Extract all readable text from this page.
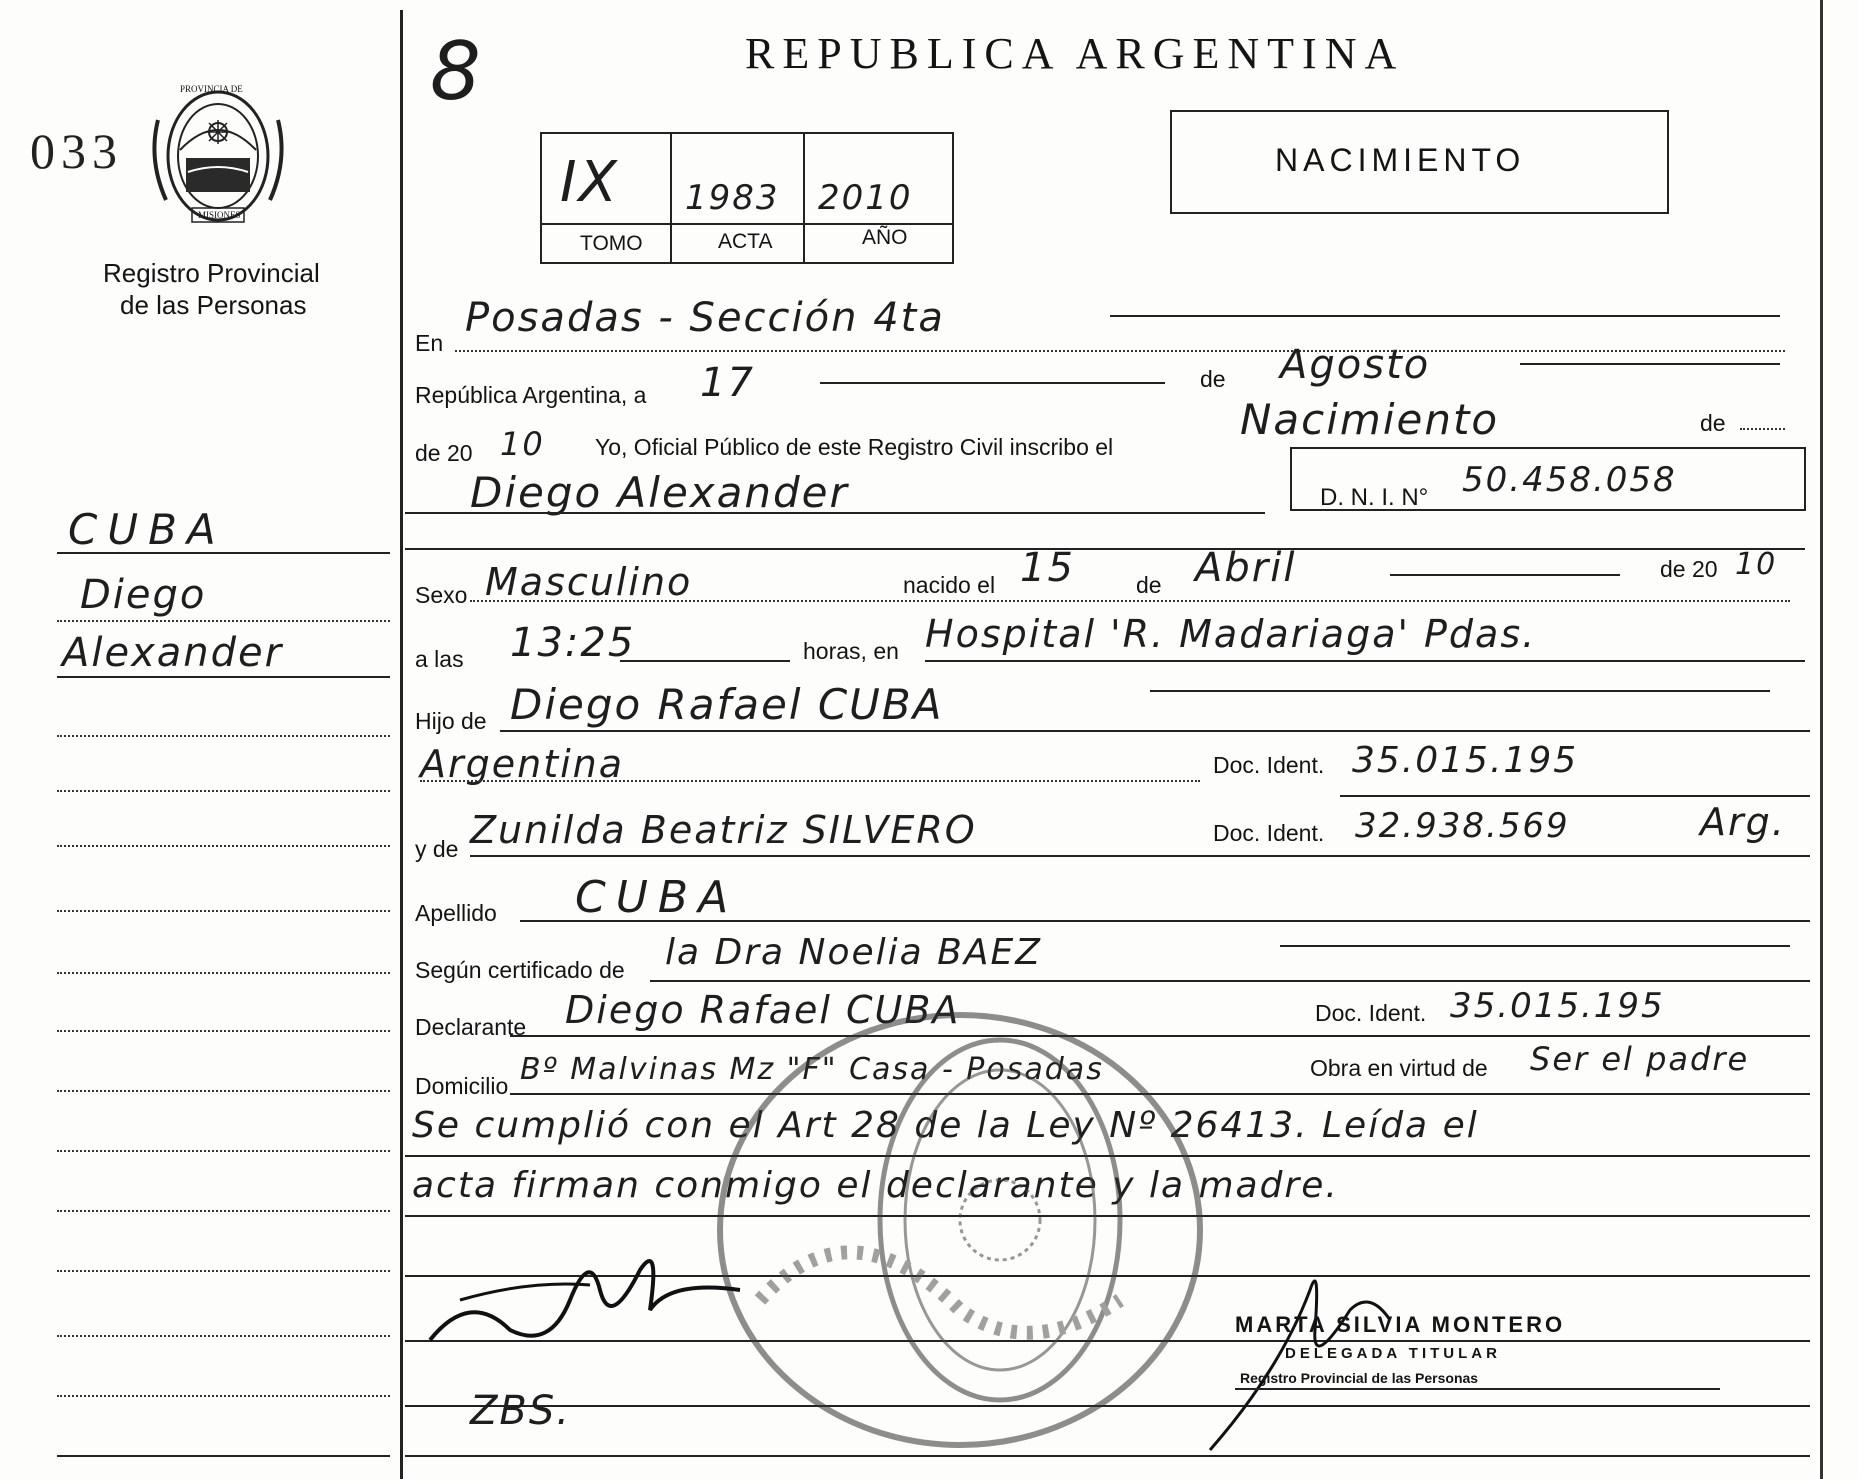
033
PROVINCIA DE
MISIONES
Registro Provincial
de las Personas
CUBA
Diego
Alexander
8	REPUBLICA ARGENTINA
IX 1983 2010
TOMO	ACTA	AÑO
NACIMIENTO
En
Posadas - Sección 4ta
República Argentina, a 17	de Agosto
de 20 10 Yo, Oficial Público de este Registro Civil inscribo el
Nacimiento	de
Diego Alexander	D. N. I. N° 50.458.058
Sexo Masculino	nacido el 15	de Abril	de 20 10
a las 13:25	horas, en Hospital 'R. Madariaga' Pdas.
Hijo de Diego Rafael CUBA
Argentina	Doc. Ident. 35.015.195
y de Zunilda Beatriz SILVERO	Doc. Ident. 32.938.569	Arg.
Apellido CUBA
Según certificado de la Dra Noelia BAEZ
Declarante Diego Rafael CUBA	Doc. Ident. 35.015.195
Domicilio Bº Malvinas Mz "F" Casa - Posadas	Obra en virtud de Ser el padre
Se cumplió con el Art 28 de la Ley Nº 26413. Leída el
acta firman conmigo el declarante y la madre.
ZBS.
MARTA SILVIA MONTERO
DELEGADA TITULAR
Registro Provincial de las Personas
